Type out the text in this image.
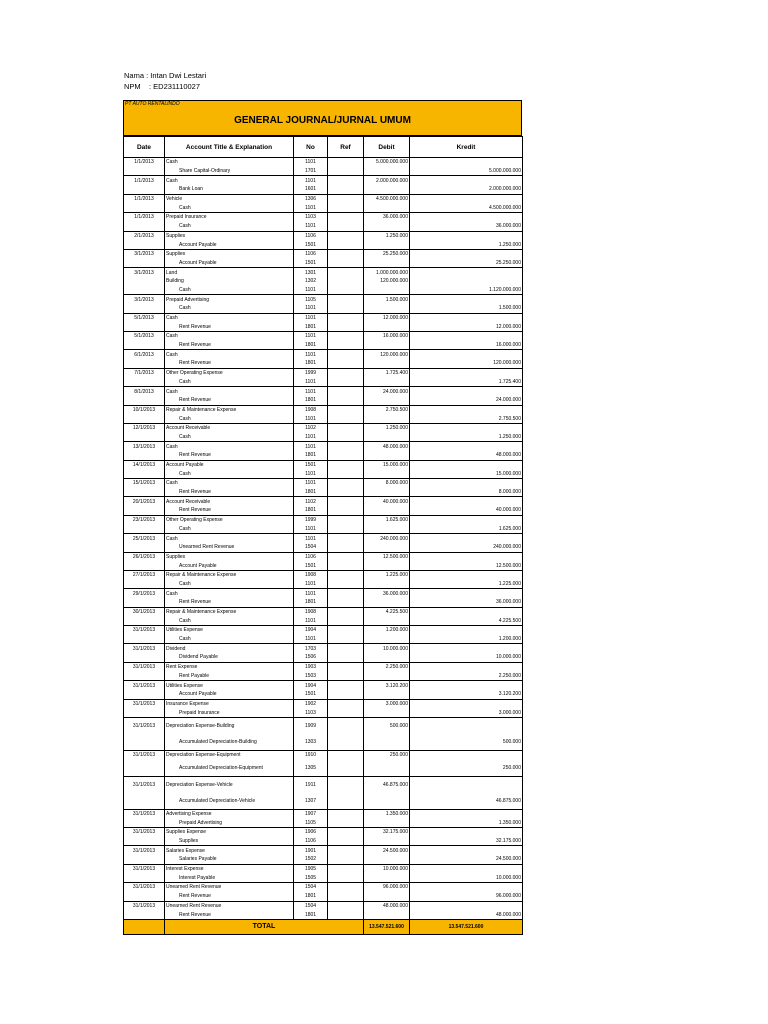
Nama : Intan Dwi Lestari
NPM    : ED231110027
PT AUTO RENTALINDO
GENERAL JOURNAL/JURNAL UMUM
Date	Account Title & Explanation	No	Ref	Debit	Kredit
1/1/2013	Cash	1101		5.000.000.000	
	Share Capital-Ordinary	1701			5.000.000.000
1/1/2013	Cash	1101		2.000.000.000	
	Bank Loan	1601			2.000.000.000
1/1/2013	Vehicle	1306		4.500.000.000	
	Cash	1101			4.500.000.000
1/1/2013	Prepaid Insurance	1103		36.000.000	
	Cash	1101			36.000.000
2/1/2013	Supplies	1106		1.250.000	
	Account Payable	1501			1.250.000
3/1/2013	Supplies	1106		25.250.000	
	Account Payable	1501			25.250.000
3/1/2013	Land	1301		1.000.000.000	
	Building	1302		120.000.000	
	Cash	1101			1.120.000.000
3/1/2013	Prepaid Advertising	1105		1.500.000	
	Cash	1101			1.500.000
5/1/2013	Cash	1101		12.000.000	
	Rent Revenue	1801			12.000.000
5/1/2013	Cash	1101		16.000.000	
	Rent Revenue	1801			16.000.000
6/1/2013	Cash	1101		120.000.000	
	Rent Revenue	1801			120.000.000
7/1/2013	Other Operating Expense	1999		1.725.400	
	Cash	1101			1.725.400
8/1/2013	Cash	1101		24.000.000	
	Rent Revenue	1801			24.000.000
10/1/2013	Repair & Maintenance Expense	1908		2.750.500	
	Cash	1101			2.750.500
12/1/2013	Account Receivable	1102		1.250.000	
	Cash	1101			1.250.000
13/1/2013	Cash	1101		48.000.000	
	Rent Revenue	1801			48.000.000
14/1/2013	Account Payable	1501		15.000.000	
	Cash	1101			15.000.000
15/1/2013	Cash	1101		8.000.000	
	Rent Revenue	1801			8.000.000
20/1/2013	Account Receivable	1102		40.000.000	
	Rent Revenue	1801			40.000.000
23/1/2013	Other Operating Expense	1999		1.625.000	
	Cash	1101			1.625.000
25/1/2013	Cash	1101		240.000.000	
	Unearned Rent Revenue	1504			240.000.000
26/1/2013	Supplies	1106		12.500.000	
	Account Payable	1501			12.500.000
27/1/2013	Repair & Maintenance Expense	1908		1.225.000	
	Cash	1101			1.225.000
29/1/2013	Cash	1101		36.000.000	
	Rent Revenue	1801			36.000.000
30/1/2013	Repair & Maintenance Expense	1908		4.225.500	
	Cash	1101			4.225.500
31/1/2013	Utilities Expense	1904		1.200.000	
	Cash	1101			1.200.000
31/1/2013	Dividend	1703		10.000.000	
	Dividend Payable	1506			10.000.000
31/1/2013	Rent Expense	1903		2.250.000	
	Rent Payable	1503			2.250.000
31/1/2013	Utilities Expense	1904		3.120.200	
	Account Payable	1501			3.120.200
31/1/2013	Insurance Expense	1902		3.000.000	
	Prepaid Insurance	1103			3.000.000
31/1/2013	Depreciation Expense-Building	1909		500.000	
	Accumulated Depreciation-Building	1303			500.000
31/1/2013	Depreciation Expense-Equipment	1910		250.000	
	Accumulated Depreciation-Equipment	1305			250.000
31/1/2013	Depreciation Expense-Vehicle	1911		46.875.000	
	Accumulated Depreciation-Vehicle	1307			46.875.000
31/1/2013	Advertising Expense	1907		1.350.000	
	Prepaid Advertising	1105			1.350.000
31/1/2013	Supplies Expense	1906		32.175.000	
	Supplies	1106			32.175.000
31/1/2013	Salaries Expense	1901		24.500.000	
	Salaries Payable	1502			24.500.000
31/1/2013	Interest Expense	1905		10.000.000	
	Interest Payable	1505			10.000.000
31/1/2013	Unearned Rent Revenue	1504		96.000.000	
	Rent Revenue	1801			96.000.000
31/1/2013	Unearned Rent Revenue	1504		48.000.000	
	Rent Revenue	1801			48.000.000
	TOTAL			13.547.521.600	13.547.521.600
